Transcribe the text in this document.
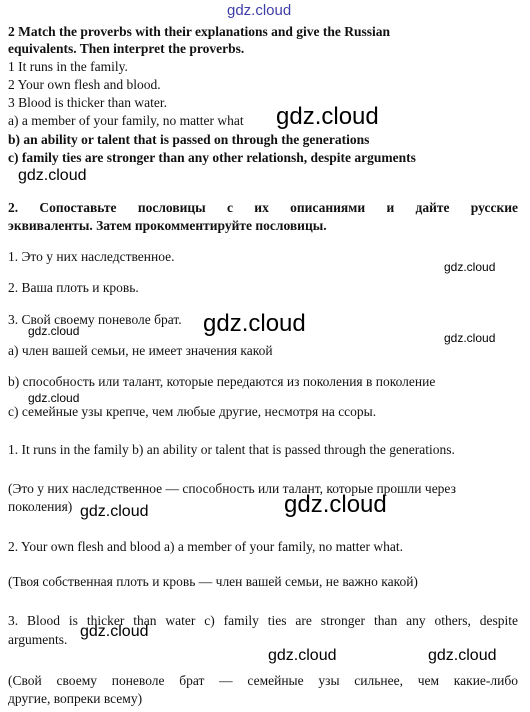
gdz.cloud
2 Match the proverbs with their explanations and give the Russian
equivalents. Then interpret the proverbs.
1 It runs in the family.
2 Your own flesh and blood.
3 Blood is thicker than water.
a) a member of your family, no matter what
b) an ability or talent that is passed on through the generations
c) family ties are stronger than any other relationsh, despite arguments
gdz.cloud
gdz.cloud
2. Сопоставьте пословицы с их описаниями и дайте русские
эквиваленты. Затем прокомментируйте пословицы.
1. Это у них наследственное.
2. Ваша плоть и кровь.
3. Свой своему поневоле брат.
а) член вашей семьи, не имеет значения какой
b) способность или талант, которые передаются из поколения в поколение
с) семейные узы крепче, чем любые другие, несмотря на ссоры.
gdz.cloud
gdz.cloud
gdz.cloud	gdz.cloud
gdz.cloud
1. It runs in the family b) an ability or talent that is passed through the generations.
(Это у них наследственное — способность или талант, которые прошли через
поколения)
2. Your own flesh and blood a) a member of your family, no matter what.
(Твоя собственная плоть и кровь — член вашей семьи, не важно какой)
3. Blood is thicker than water c) family ties are stronger than any others, despite
arguments.
(Свой своему поневоле брат — семейные узы сильнее, чем какие-либо
другие, вопреки всему)
gdz.cloud
gdz.cloud
gdz.cloud
gdz.cloud	gdz.cloud
